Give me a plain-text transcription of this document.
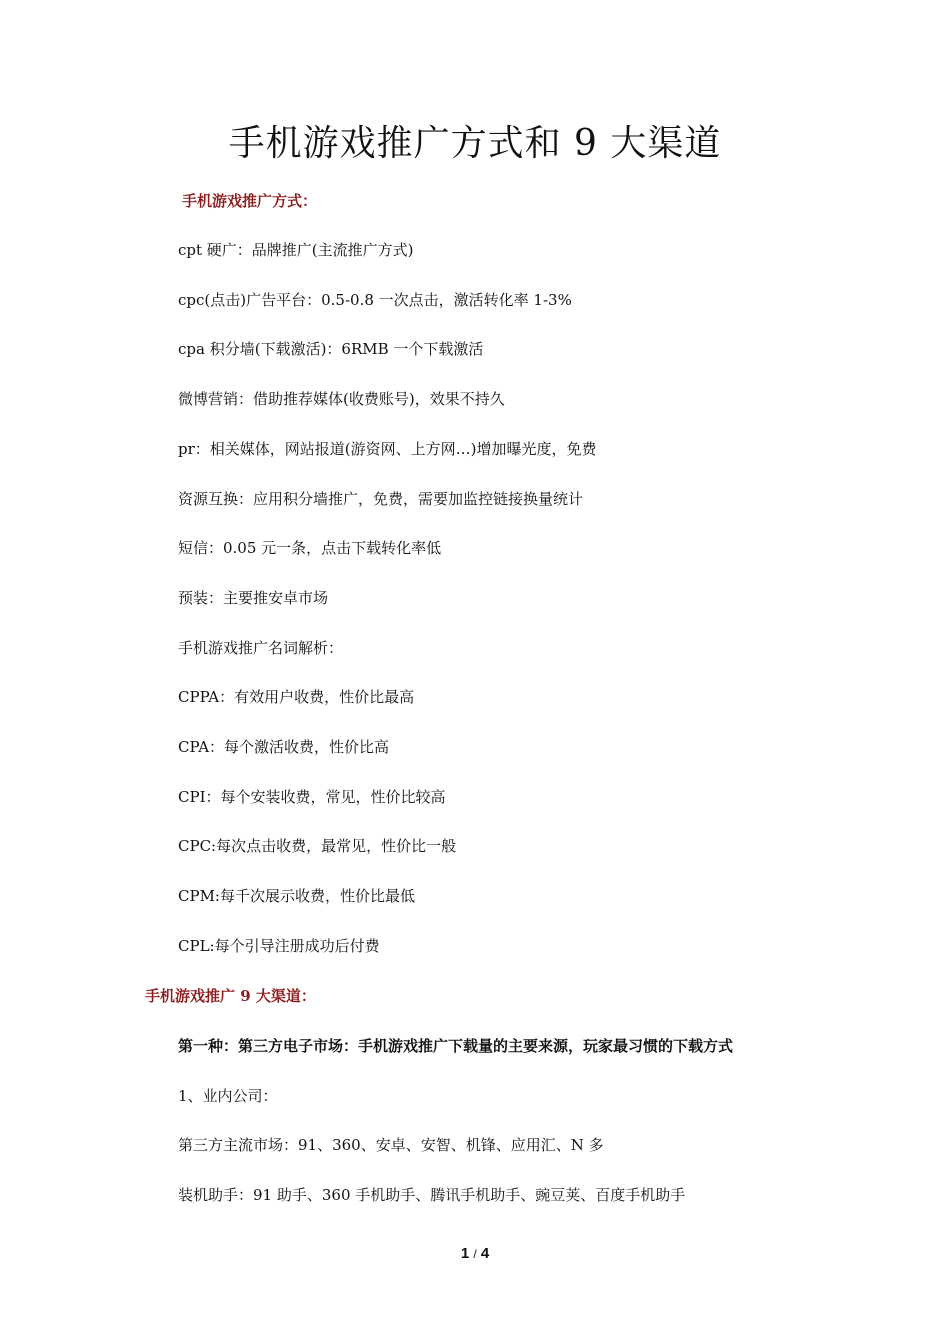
手机游戏推广方式和 9 大渠道
手机游戏推广方式：
cpt 硬广：品牌推广(主流推广方式)
cpc(点击)广告平台：0.5-0.8 一次点击，激活转化率 1-3%
cpa 积分墙(下载激活)：6RMB 一个下载激活
微博营销：借助推荐媒体(收费账号)，效果不持久
pr：相关媒体，网站报道(游资网、上方网…)增加曝光度，免费
资源互换：应用积分墙推广，免费，需要加监控链接换量统计
短信：0.05 元一条，点击下载转化率低
预装：主要推安卓市场
手机游戏推广名词解析：
CPPA：有效用户收费，性价比最高
CPA：每个激活收费，性价比高
CPI：每个安装收费，常见，性价比较高
CPC:每次点击收费，最常见，性价比一般
CPM:每千次展示收费，性价比最低
CPL:每个引导注册成功后付费
手机游戏推广 9 大渠道：
第一种：第三方电子市场：手机游戏推广下载量的主要来源，玩家最习惯的下载方式
1、业内公司：
第三方主流市场：91、360、安卓、安智、机锋、应用汇、N 多
装机助手：91 助手、360 手机助手、腾讯手机助手、豌豆荚、百度手机助手
1 / 4
